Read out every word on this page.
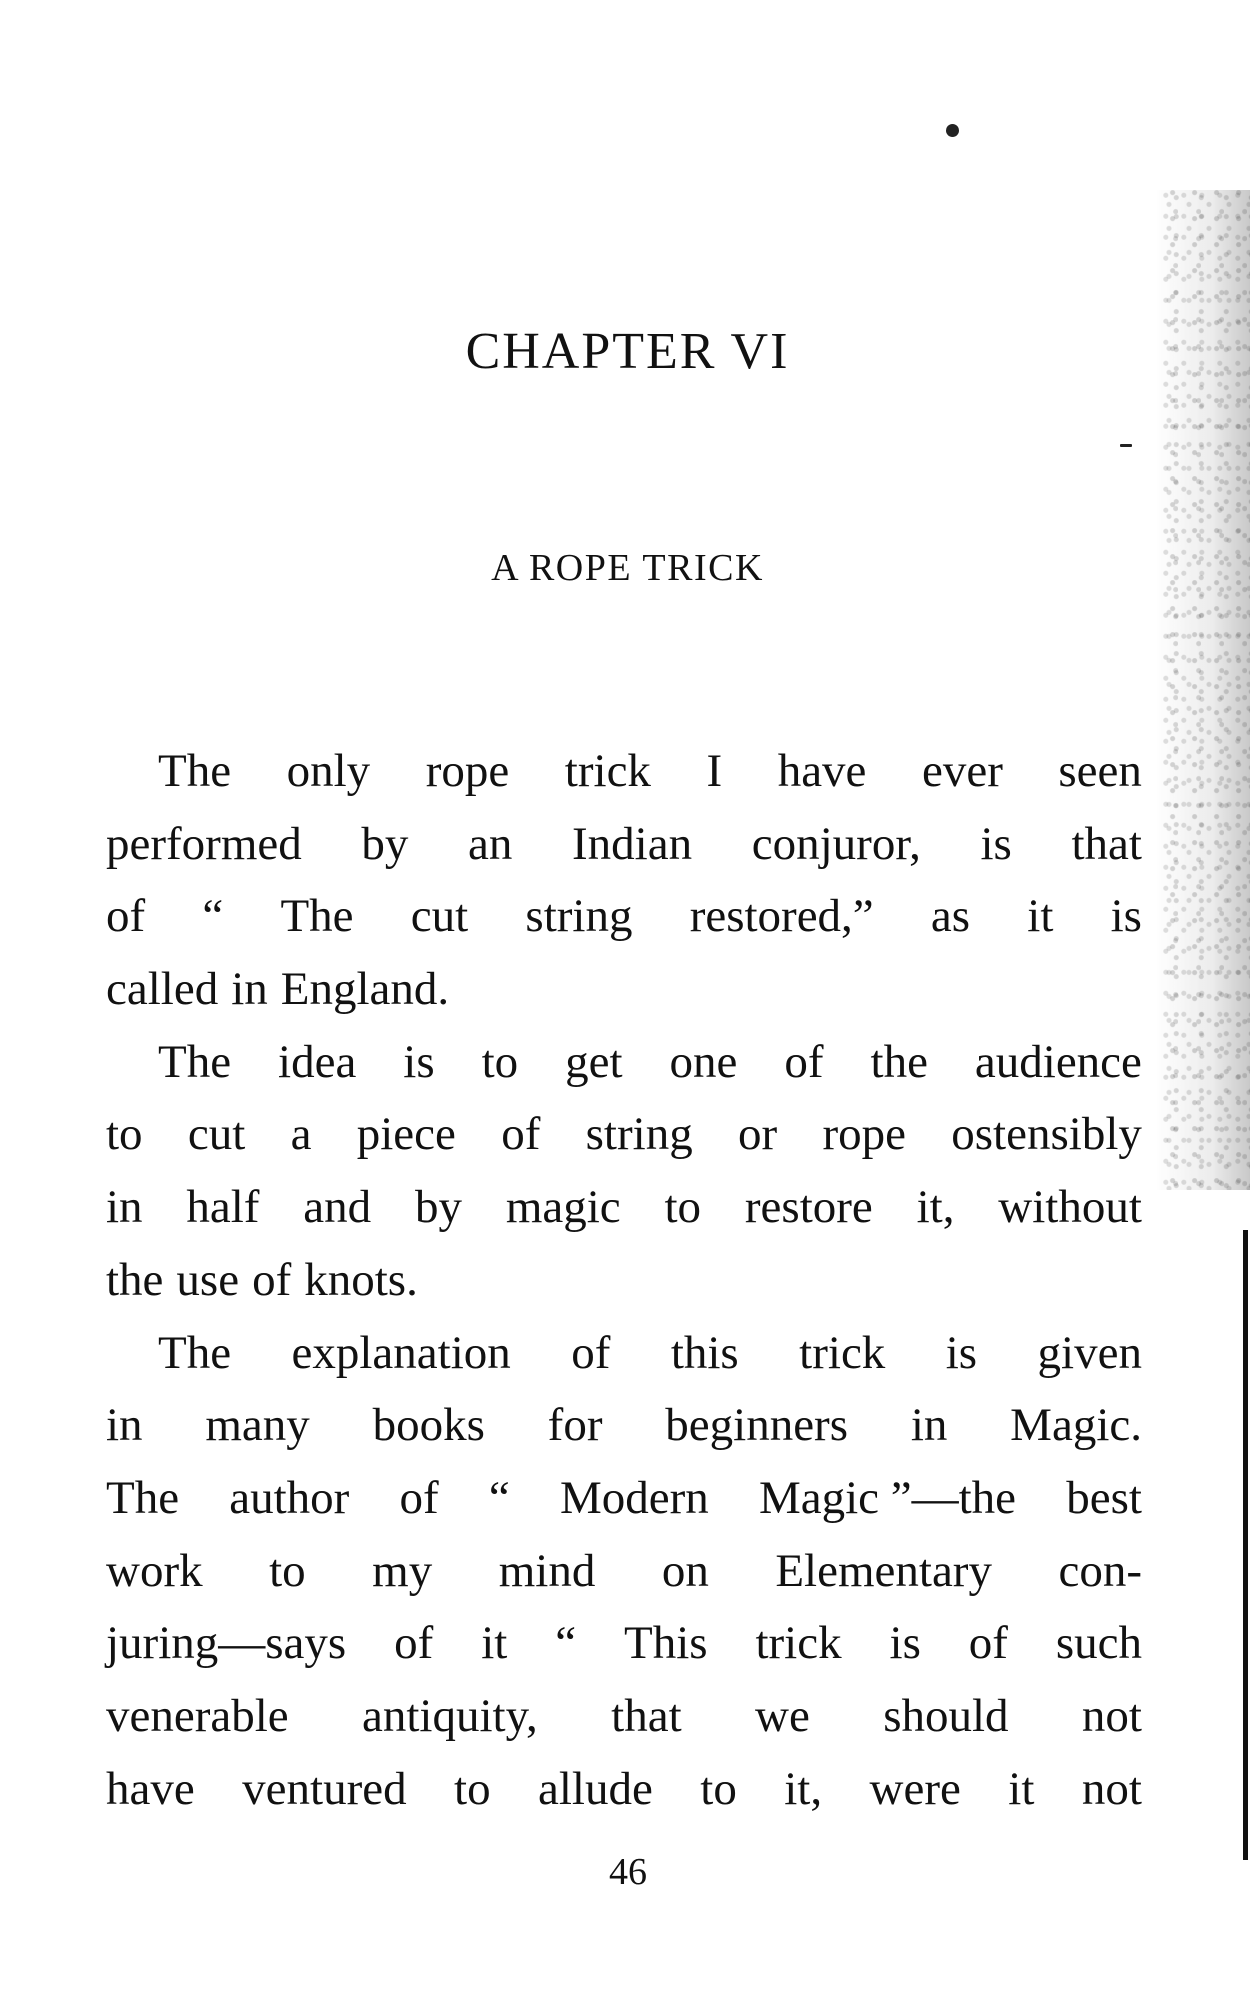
CHAPTER VI
A ROPE TRICK
The only rope trick I have ever seen
performed by an Indian conjuror, is that
of “ The cut string restored,” as it is
called in England.
The idea is to get one of the audience
to cut a piece of string or rope ostensibly
in half and by magic to restore it, without
the use of knots.
The explanation of this trick is given
in many books for beginners in Magic.
The author of “ Modern Magic ”—the best
work to my mind on Elementary con-
juring—says of it “ This trick is of such
venerable antiquity, that we should not
have ventured to allude to it, were it not
46
